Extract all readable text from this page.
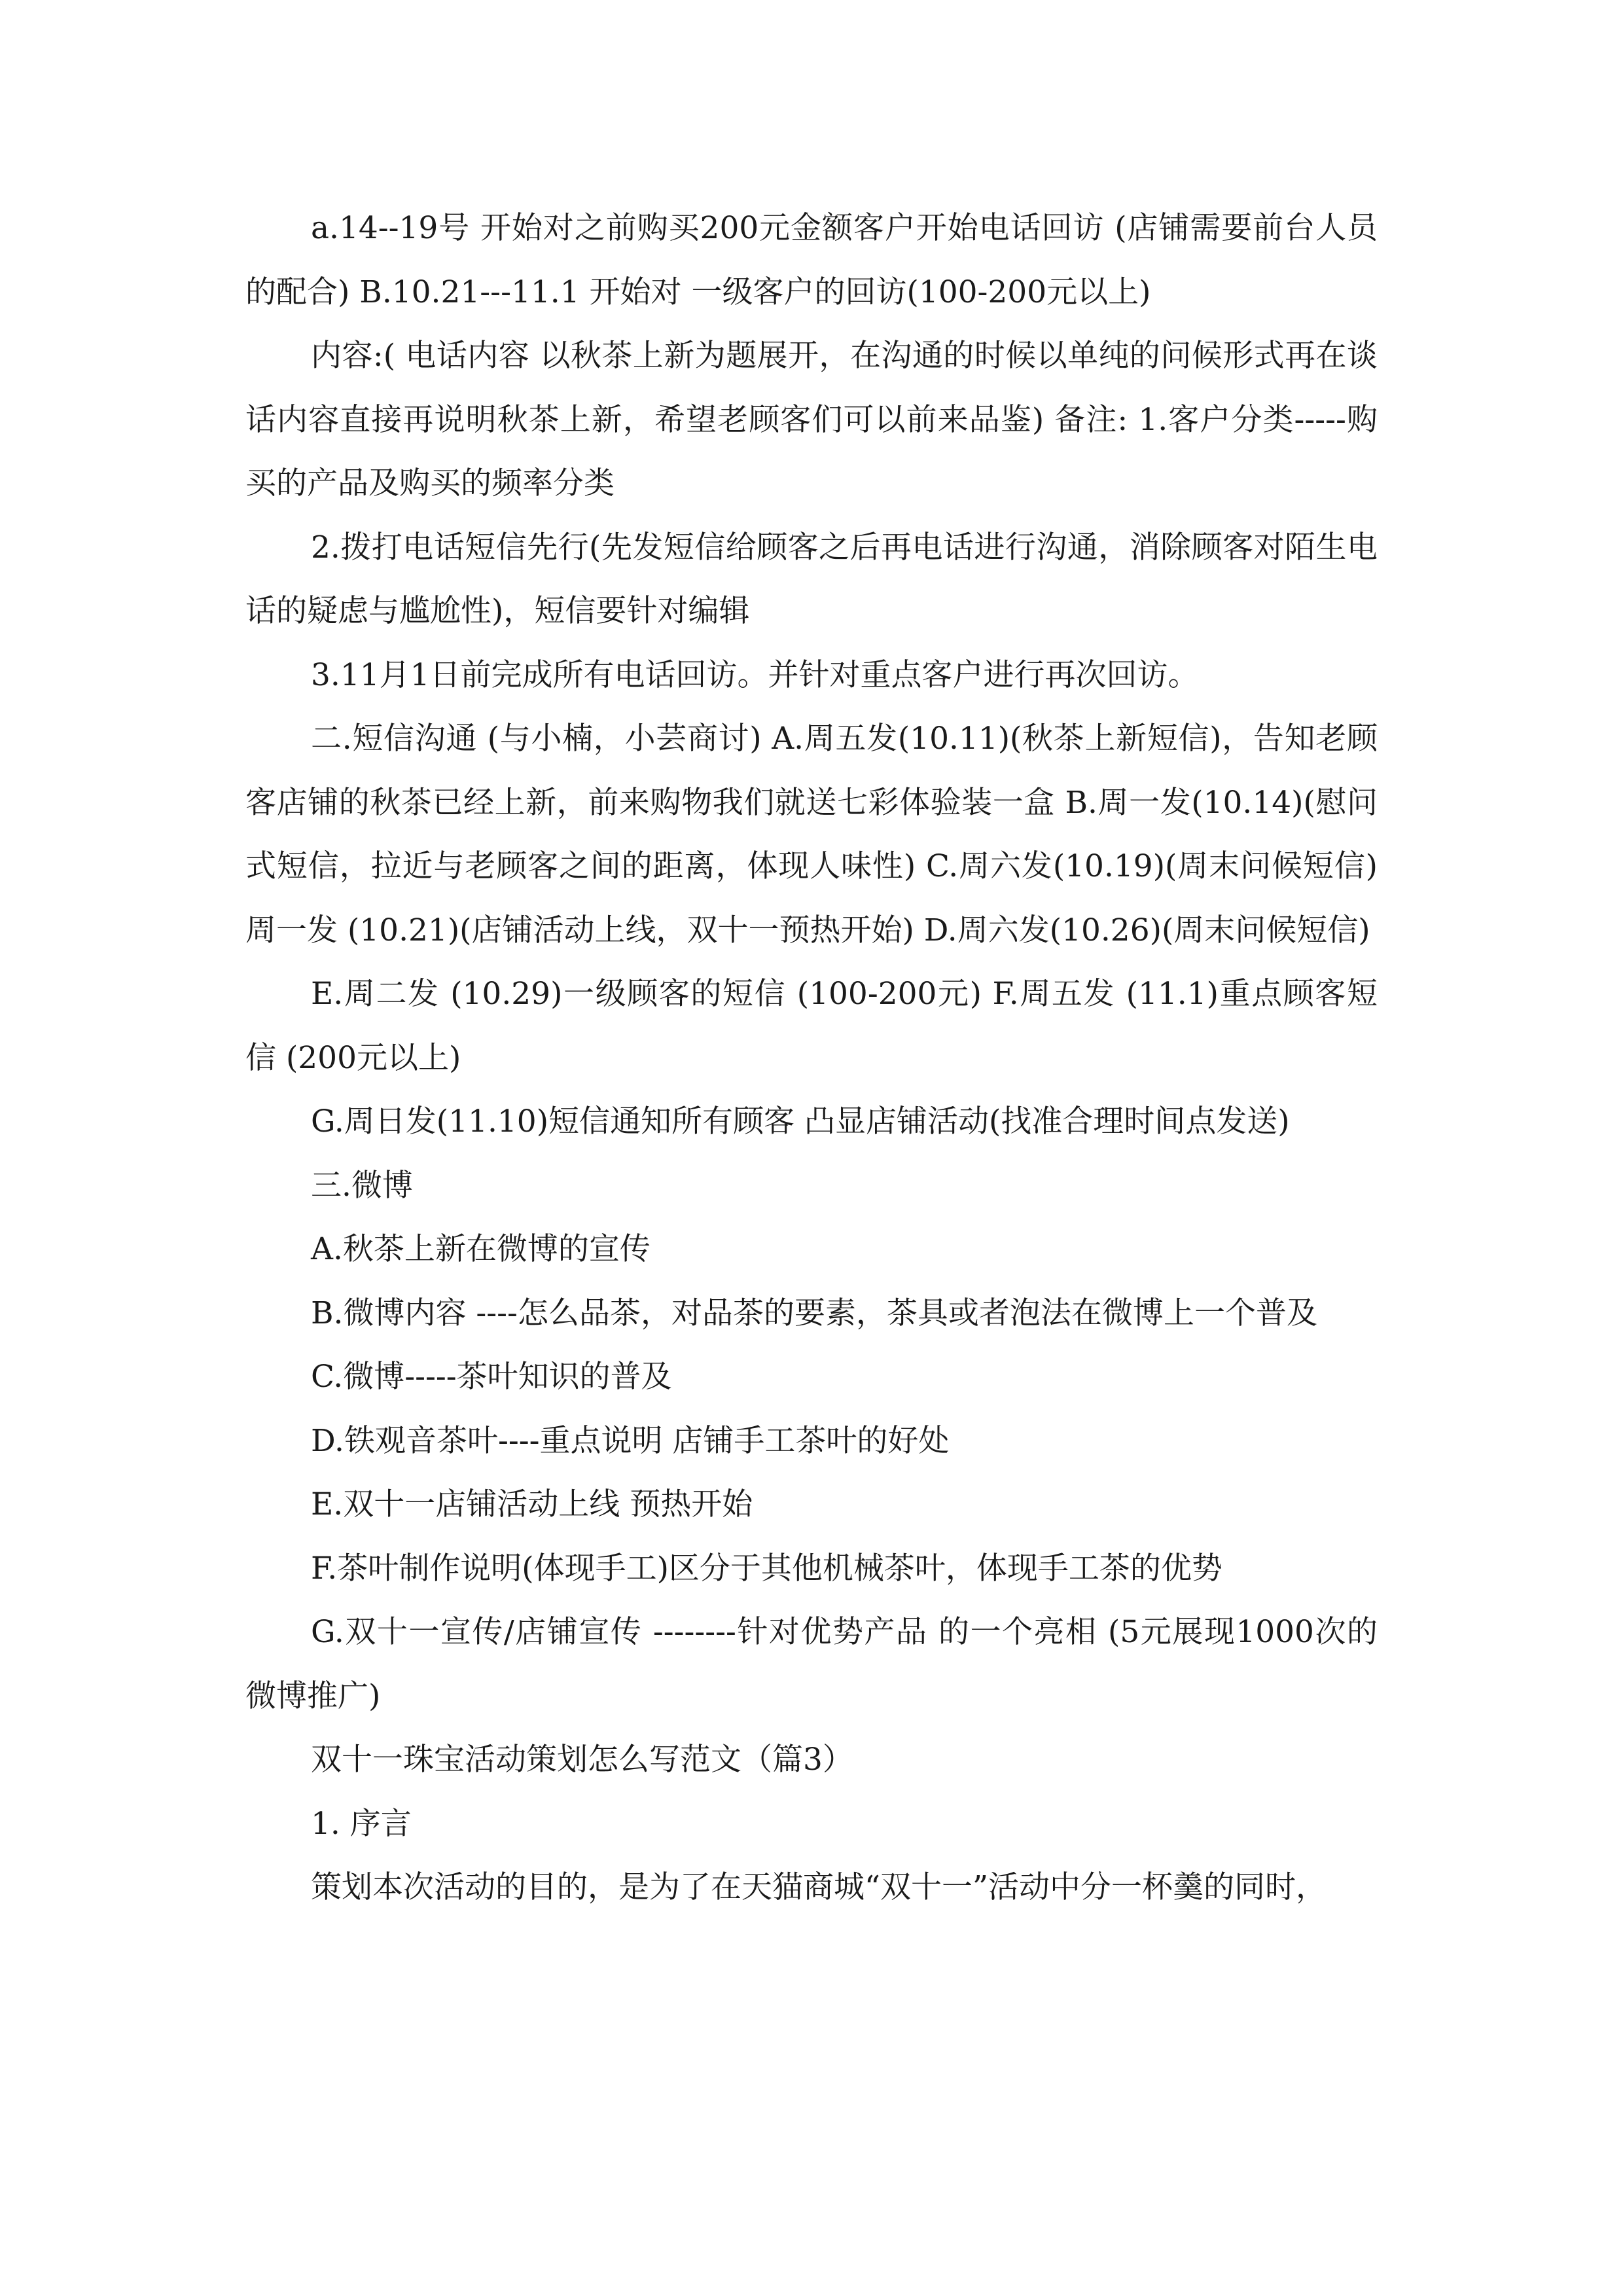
a.14--19号 开始对之前购买200元金额客户开始电话回访 (店铺需要前台人员的配合) B.10.21---11.1 开始对 一级客户的回访(100-200元以上)

内容:( 电话内容 以秋茶上新为题展开，在沟通的时候以单纯的问候形式再在谈话内容直接再说明秋茶上新，希望老顾客们可以前来品鉴) 备注: 1.客户分类-----购买的产品及购买的频率分类

2.拨打电话短信先行(先发短信给顾客之后再电话进行沟通，消除顾客对陌生电话的疑虑与尴尬性)，短信要针对编辑

3.11月1日前完成所有电话回访。并针对重点客户进行再次回访。

二.短信沟通 (与小楠，小芸商讨) A.周五发(10.11)(秋茶上新短信)，告知老顾客店铺的秋茶已经上新，前来购物我们就送七彩体验装一盒 B.周一发(10.14)(慰问式短信，拉近与老顾客之间的距离，体现人味性) C.周六发(10.19)(周末问候短信) 周一发 (10.21)(店铺活动上线，双十一预热开始) D.周六发(10.26)(周末问候短信)

E.周二发 (10.29)一级顾客的短信 (100-200元) F.周五发 (11.1)重点顾客短信 (200元以上)

G.周日发(11.10)短信通知所有顾客 凸显店铺活动(找准合理时间点发送)

三.微博

A.秋茶上新在微博的宣传

B.微博内容 ----怎么品茶，对品茶的要素，茶具或者泡法在微博上一个普及

C.微博-----茶叶知识的普及

D.铁观音茶叶----重点说明 店铺手工茶叶的好处

E.双十一店铺活动上线 预热开始

F.茶叶制作说明(体现手工)区分于其他机械茶叶，体现手工茶的优势

G.双十一宣传/店铺宣传 --------针对优势产品 的一个亮相 (5元展现1000次的 微博推广)

双十一珠宝活动策划怎么写范文（篇3）

1. 序言

策划本次活动的目的，是为了在天猫商城“双十一”活动中分一杯羹的同时，
